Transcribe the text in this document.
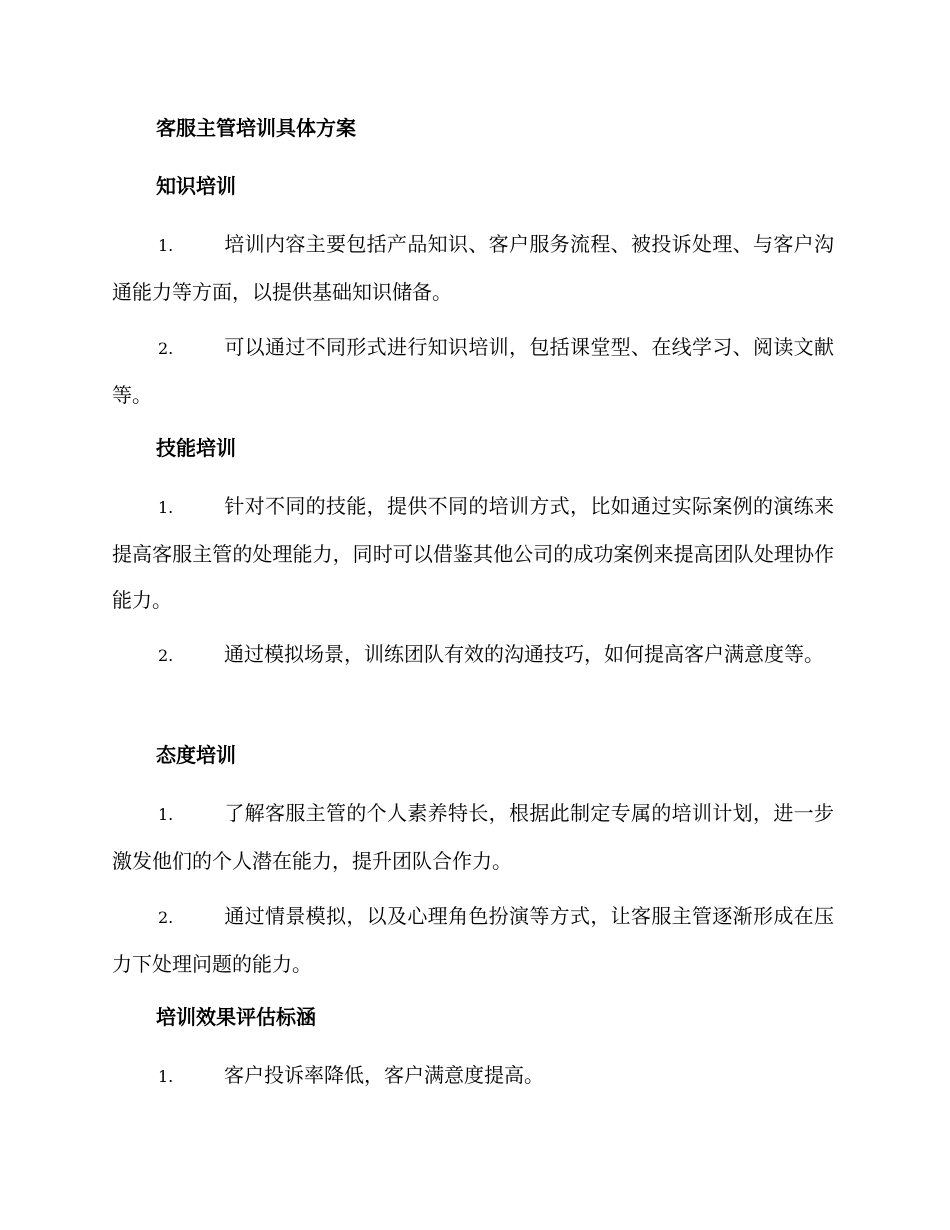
客服主管培训具体方案
知识培训
1.	培训内容主要包括产品知识、客户服务流程、被投诉处理、与客户沟通能力等方面，以提供基础知识储备。
2.	可以通过不同形式进行知识培训，包括课堂型、在线学习、阅读文献等。
技能培训
1.	针对不同的技能，提供不同的培训方式，比如通过实际案例的演练来提高客服主管的处理能力，同时可以借鉴其他公司的成功案例来提高团队处理协作能力。
2.	通过模拟场景，训练团队有效的沟通技巧，如何提高客户满意度等。
态度培训
1.	了解客服主管的个人素养特长，根据此制定专属的培训计划，进一步激发他们的个人潜在能力，提升团队合作力。
2.	通过情景模拟，以及心理角色扮演等方式，让客服主管逐渐形成在压力下处理问题的能力。
培训效果评估标涵
1.	客户投诉率降低，客户满意度提高。
